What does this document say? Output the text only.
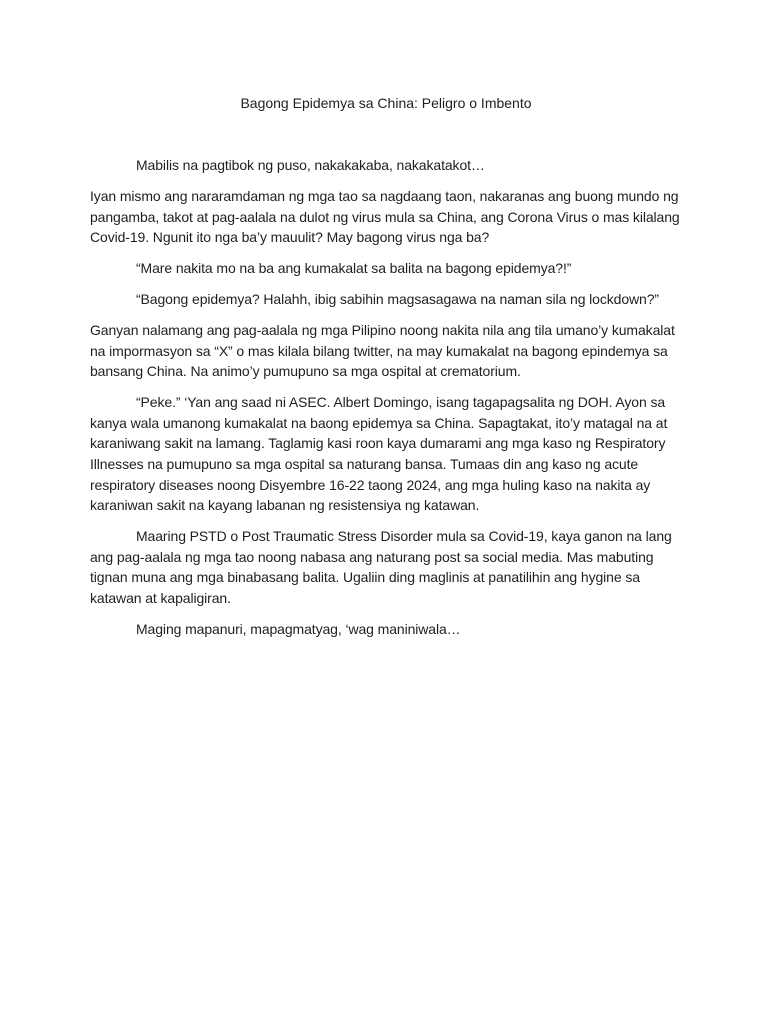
Bagong Epidemya sa China: Peligro o Imbento

Mabilis na pagtibok ng puso, nakakakaba, nakakatakot…

Iyan mismo ang nararamdaman ng mga tao sa nagdaang taon, nakaranas ang buong mundo ng pangamba, takot at pag-aalala na dulot ng virus mula sa China, ang Corona Virus o mas kilalang Covid-19. Ngunit ito nga ba’y mauulit? May bagong virus nga ba?

“Mare nakita mo na ba ang kumakalat sa balita na bagong epidemya?!”

“Bagong epidemya? Halahh, ibig sabihin magsasagawa na naman sila ng lockdown?”

Ganyan nalamang ang pag-aalala ng mga Pilipino noong nakita nila ang tila umano’y kumakalat na impormasyon sa “X” o mas kilala bilang twitter, na may kumakalat na bagong epindemya sa bansang China. Na animo’y pumupuno sa mga ospital at crematorium.

“Peke.” ‘Yan ang saad ni ASEC. Albert Domingo, isang tagapagsalita ng DOH. Ayon sa kanya wala umanong kumakalat na baong epidemya sa China. Sapagtakat, ito’y matagal na at karaniwang sakit na lamang. Taglamig kasi roon kaya dumarami ang mga kaso ng Respiratory Illnesses na pumupuno sa mga ospital sa naturang bansa. Tumaas din ang kaso ng acute respiratory diseases noong Disyembre 16-22 taong 2024, ang mga huling kaso na nakita ay karaniwan sakit na kayang labanan ng resistensiya ng katawan.

Maaring PSTD o Post Traumatic Stress Disorder mula sa Covid-19, kaya ganon na lang ang pag-aalala ng mga tao noong nabasa ang naturang post sa social media. Mas mabuting tignan muna ang mga binabasang balita. Ugaliin ding maglinis at panatilihin ang hygine sa katawan at kapaligiran.

Maging mapanuri, mapagmatyag, ‘wag maniniwala…
